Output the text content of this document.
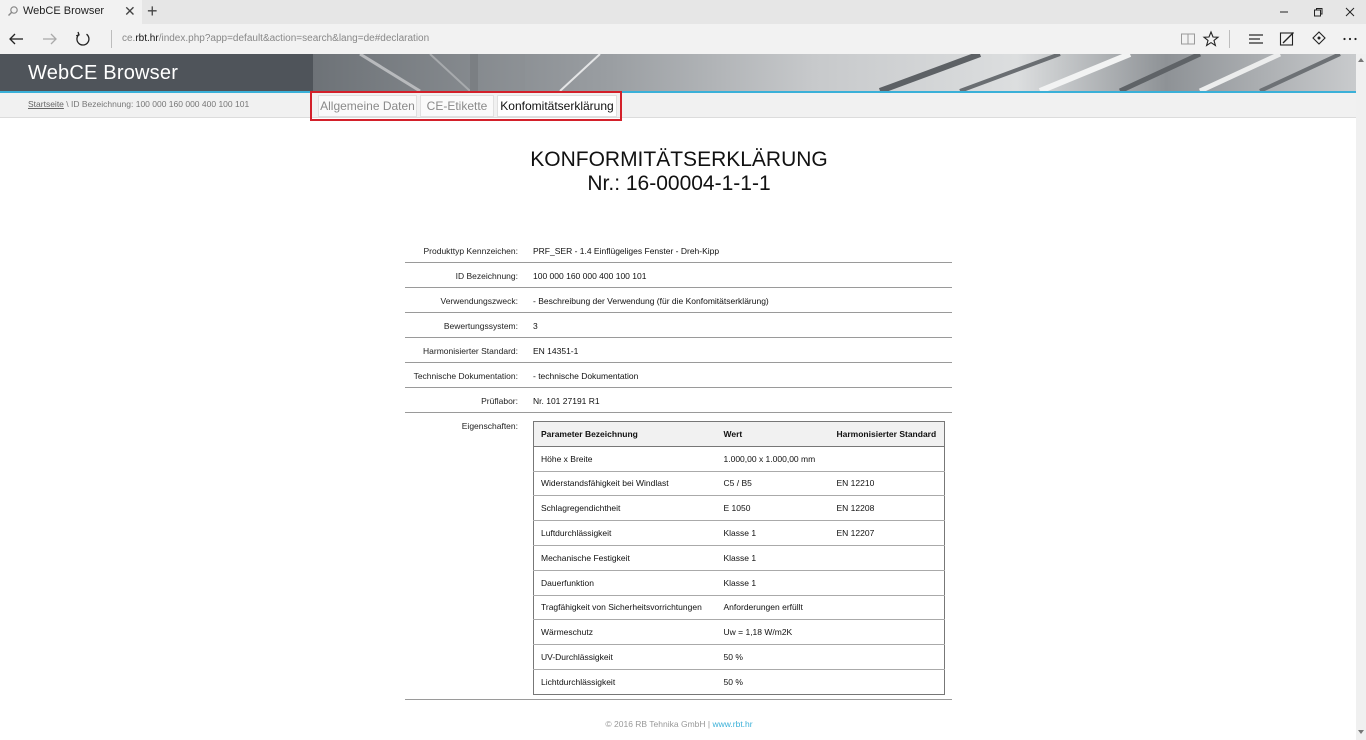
WebCE Browser ✕ +
ce.rbt.hr/index.php?app=default&action=search&lang=de#declaration
WebCE Browser
Startseite \ ID Bezeichnung: 100 000 160 000 400 100 101	Allgemeine Daten CE-Etikette	Konfomitätserklärung
KONFORMITÄTSERKLÄRUNG
Nr.: 16-00004-1-1-1
Produkttyp Kennzeichen: PRF_SER - 1.4 Einflügeliges Fenster - Dreh-Kipp
ID Bezeichnung: 100 000 160 000 400 100 101
Verwendungszweck: - Beschreibung der Verwendung (für die Konfomitätserklärung)
Bewertungssystem: 3
Harmonisierter Standard: EN 14351-1
Technische Dokumentation: - technische Dokumentation
Prüflabor: Nr. 101 27191 R1
Eigenschaften:
Parameter Bezeichnung	Wert	Harmonisierter Standard
Höhe x Breite	1.000,00 x 1.000,00 mm	
Widerstandsfähigkeit bei Windlast	C5 / B5	EN 12210
Schlagregendichtheit	E 1050	EN 12208
Luftdurchlässigkeit	Klasse 1	EN 12207
Mechanische Festigkeit	Klasse 1	
Dauerfunktion	Klasse 1	
Tragfähigkeit von Sicherheitsvorrichtungen	Anforderungen erfüllt	
Wärmeschutz	Uw = 1,18 W/m2K	
UV-Durchlässigkeit	50 %	
Lichtdurchlässigkeit	50 %	
© 2016 RB Tehnika GmbH | www.rbt.hr
